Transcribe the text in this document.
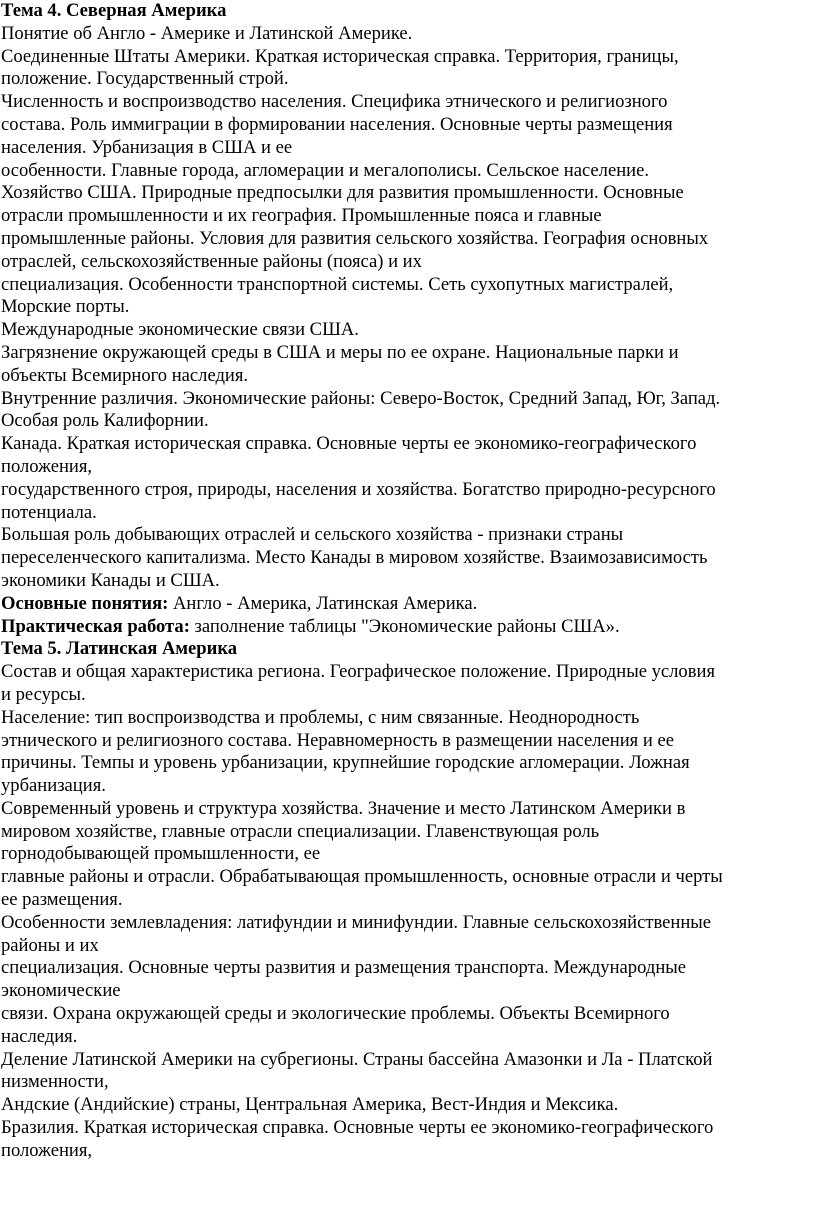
Тема 4. Северная Америка
Понятие об Англо - Америке и Латинской Америке.
Соединенные Штаты Америки. Краткая историческая справка. Территория, границы,
положение. Государственный строй.
Численность и воспроизводство населения. Специфика этнического и религиозного
состава. Роль иммиграции в формировании населения. Основные черты размещения
населения. Урбанизация в США и ее
особенности. Главные города, агломерации и мегалополисы. Сельское население.
Хозяйство США. Природные предпосылки для развития промышленности. Основные
отрасли промышленности и их география. Промышленные пояса и главные
промышленные районы. Условия для развития сельского хозяйства. География основных
отраслей, сельскохозяйственные районы (пояса) и их
специализация. Особенности транспортной системы. Сеть сухопутных магистралей,
Морские порты.
Международные экономические связи США.
Загрязнение окружающей среды в США и меры по ее охране. Национальные парки и
объекты Всемирного наследия.
Внутренние различия. Экономические районы: Северо-Восток, Средний Запад, Юг, Запад.
Особая роль Калифорнии.
Канада. Краткая историческая справка. Основные черты ее экономико-географического
положения,
государственного строя, природы, населения и хозяйства. Богатство природно-ресурсного
потенциала.
Большая роль добывающих отраслей и сельского хозяйства - признаки страны
переселенческого капитализма. Место Канады в мировом хозяйстве. Взаимозависимость
экономики Канады и США.
Основные понятия: Англо - Америка, Латинская Америка.
Практическая работа: заполнение таблицы "Экономические районы США».
Тема 5. Латинская Америка
Состав и общая характеристика региона. Географическое положение. Природные условия
и ресурсы.
Население: тип воспроизводства и проблемы, с ним связанные. Неоднородность
этнического и религиозного состава. Неравномерность в размещении населения и ее
причины. Темпы и уровень урбанизации, крупнейшие городские агломерации. Ложная
урбанизация.
Современный уровень и структура хозяйства. Значение и место Латинском Америки в
мировом хозяйстве, главные отрасли специализации. Главенствующая роль
горнодобывающей промышленности, ее
главные районы и отрасли. Обрабатывающая промышленность, основные отрасли и черты
ее размещения.
Особенности землевладения: латифундии и минифундии. Главные сельскохозяйственные
районы и их
специализация. Основные черты развития и размещения транспорта. Международные
экономические
связи. Охрана окружающей среды и экологические проблемы. Объекты Всемирного
наследия.
Деление Латинской Америки на субрегионы. Страны бассейна Амазонки и Ла - Платской
низменности,
Андские (Андийские) страны, Центральная Америка, Вест-Индия и Мексика.
Бразилия. Краткая историческая справка. Основные черты ее экономико-географического
положения,
